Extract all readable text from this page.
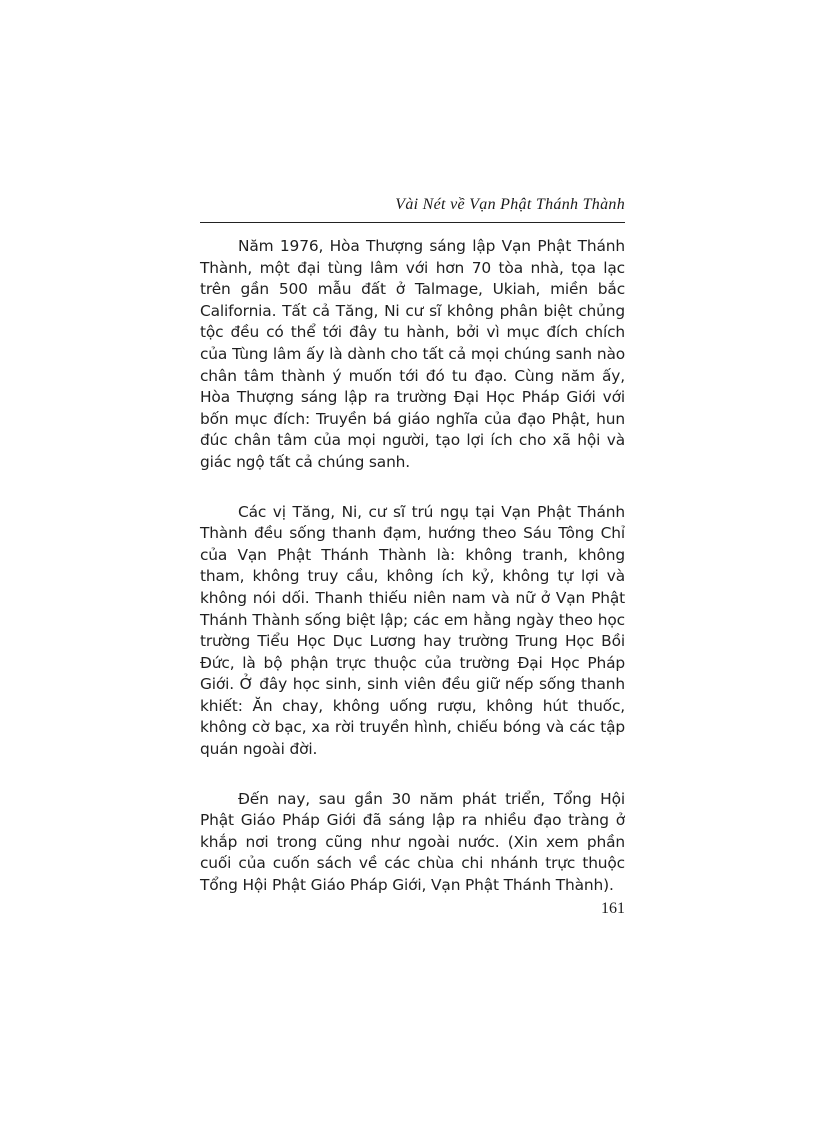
Vài Nét về Vạn Phật Thánh Thành

Năm 1976, Hòa Thượng sáng lập Vạn Phật Thánh Thành, một đại tùng lâm với hơn 70 tòa nhà, tọa lạc trên gần 500 mẫu đất ở Talmage, Ukiah, miền bắc California. Tất cả Tăng, Ni cư sĩ không phân biệt chủng tộc đều có thể tới đây tu hành, bởi vì mục đích chích của Tùng lâm ấy là dành cho tất cả mọi chúng sanh nào chân tâm thành ý muốn tới đó tu đạo. Cùng năm ấy, Hòa Thượng sáng lập ra trường Đại Học Pháp Giới với bốn mục đích: Truyền bá giáo nghĩa của đạo Phật, hun đúc chân tâm của mọi người, tạo lợi ích cho xã hội và giác ngộ tất cả chúng sanh.

Các vị Tăng, Ni, cư sĩ trú ngụ tại Vạn Phật Thánh Thành đều sống thanh đạm, hướng theo Sáu Tông Chỉ của Vạn Phật Thánh Thành là: không tranh, không tham, không truy cầu, không ích kỷ, không tự lợi và không nói dối. Thanh thiếu niên nam và nữ ở Vạn Phật Thánh Thành sống biệt lập; các em hằng ngày theo học trường Tiểu Học Dục Lương hay trường Trung Học Bồi Đức, là bộ phận trực thuộc của trường Đại Học Pháp Giới. Ở đây học sinh, sinh viên đều giữ nếp sống thanh khiết: Ăn chay, không uống rượu, không hút thuốc, không cờ bạc, xa rời truyền hình, chiếu bóng và các tập quán ngoài đời.

Đến nay, sau gần 30 năm phát triển, Tổng Hội Phật Giáo Pháp Giới đã sáng lập ra nhiều đạo tràng ở khắp nơi trong cũng như ngoài nước. (Xin xem phần cuối của cuốn sách về các chùa chi nhánh trực thuộc Tổng Hội Phật Giáo Pháp Giới, Vạn Phật Thánh Thành).

161
